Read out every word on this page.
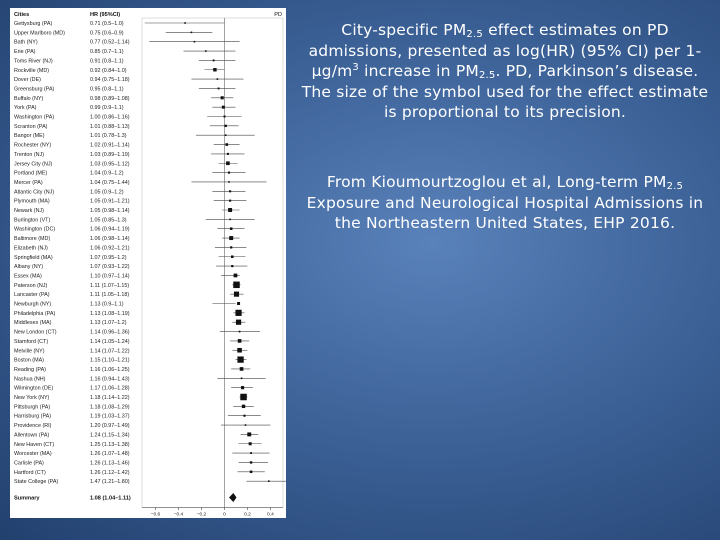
Cities	HR (95%CI)	PD
Gettysburg (PA)	0.71 (0.5–1.0)
Upper Marlboro (MD)	0.75 (0.6–0.9)
Bath (NY)	0.77 (0.52–1.14)
Erie (PA)	0.85 (0.7–1.1)
Toms River (NJ)	0.91 (0.8–1.1)
Rockville (MD)	0.92 (0.84–1.0)
Dover (DE)	0.94 (0.75–1.18)
Greensburg (PA)	0.95 (0.8–1.1)
Buffalo (NY)	0.98 (0.89–1.08)
York (PA)	0.99 (0.9–1.1)
Washington (PA)	1.00 (0.86–1.16)
Scranton (PA)	1.01 (0.88–1.13)
Bangor (ME)	1.01 (0.78–1.3)
Rochester (NY)	1.02 (0.91–1.14)
Trenton (NJ)	1.03 (0.89–1.19)
Jersey City (NJ)	1.03 (0.95–1.12)
Portland (ME)	1.04 (0.9–1.2)
Mercer (PA)	1.04 (0.75–1.44)
Atlantic City (NJ)	1.05 (0.9–1.2)
Plymouth (MA)	1.05 (0.91–1.21)
Newark (NJ)	1.05 (0.98–1.14)
Burlington (VT)	1.05 (0.85–1.3)
Washington (DC)	1.06 (0.94–1.19)
Baltimore (MD)	1.06 (0.98–1.14)
Elizabeth (NJ)	1.06 (0.92–1.21)
Springfield (MA)	1.07 (0.95–1.2)
Albany (NY)	1.07 (0.93–1.22)
Essex (MA)	1.10 (0.97–1.14)
Paterson (NJ)	1.11 (1.07–1.15)
Lancaster (PA)	1.11 (1.05–1.18)
Newburgh (NY)	1.13 (0.9–1.1)
Philadelphia (PA)	1.13 (1.08–1.19)
Middlesex (MA)	1.13 (1.07–1.2)
New London (CT)	1.14 (0.96–1.36)
Stamford (CT)	1.14 (1.05–1.24)
Melville (NY)	1.14 (1.07–1.22)
Boston (MA)	1.15 (1.10–1.21)
Reading (PA)	1.16 (1.06–1.25)
Nashua (NH)	1.16 (0.94–1.43)
Wilmington (DE)	1.17 (1.06–1.28)
New York (NY)	1.18 (1.14–1.22)
Pittsburgh (PA)	1.18 (1.08–1.29)
Harrisburg (PA)	1.19 (1.03–1.37)
Providence (RI)	1.20 (0.97–1.49)
Allentown (PA)	1.24 (1.15–1.34)
New Haven (CT)	1.25 (1.13–1.38)
Worcester (MA)	1.26 (1.07–1.48)
Carlisle (PA)	1.26 (1.13–1.46)
Hartford (CT)	1.26 (1.12–1.42)
State College (PA)	1.47 (1.21–1.80)
Summary	1.08 (1.04–1.11)
−0.6	−0.4	−0.2	0	0.2	0.4
City-specific $PM_{2.5}$ effect estimates on PD admissions, presented as log(HR) (95% CI) per $1-\mu g/m^3$ increase in $PM_{2.5}$. PD, Parkinson’s disease. The size of the symbol used for the effect estimate is proportional to its precision.
From Kioumourtzoglou et al, Long-term $PM_{2.5}$ Exposure and Neurological Hospital Admissions in the Northeastern United States, EHP 2016.
